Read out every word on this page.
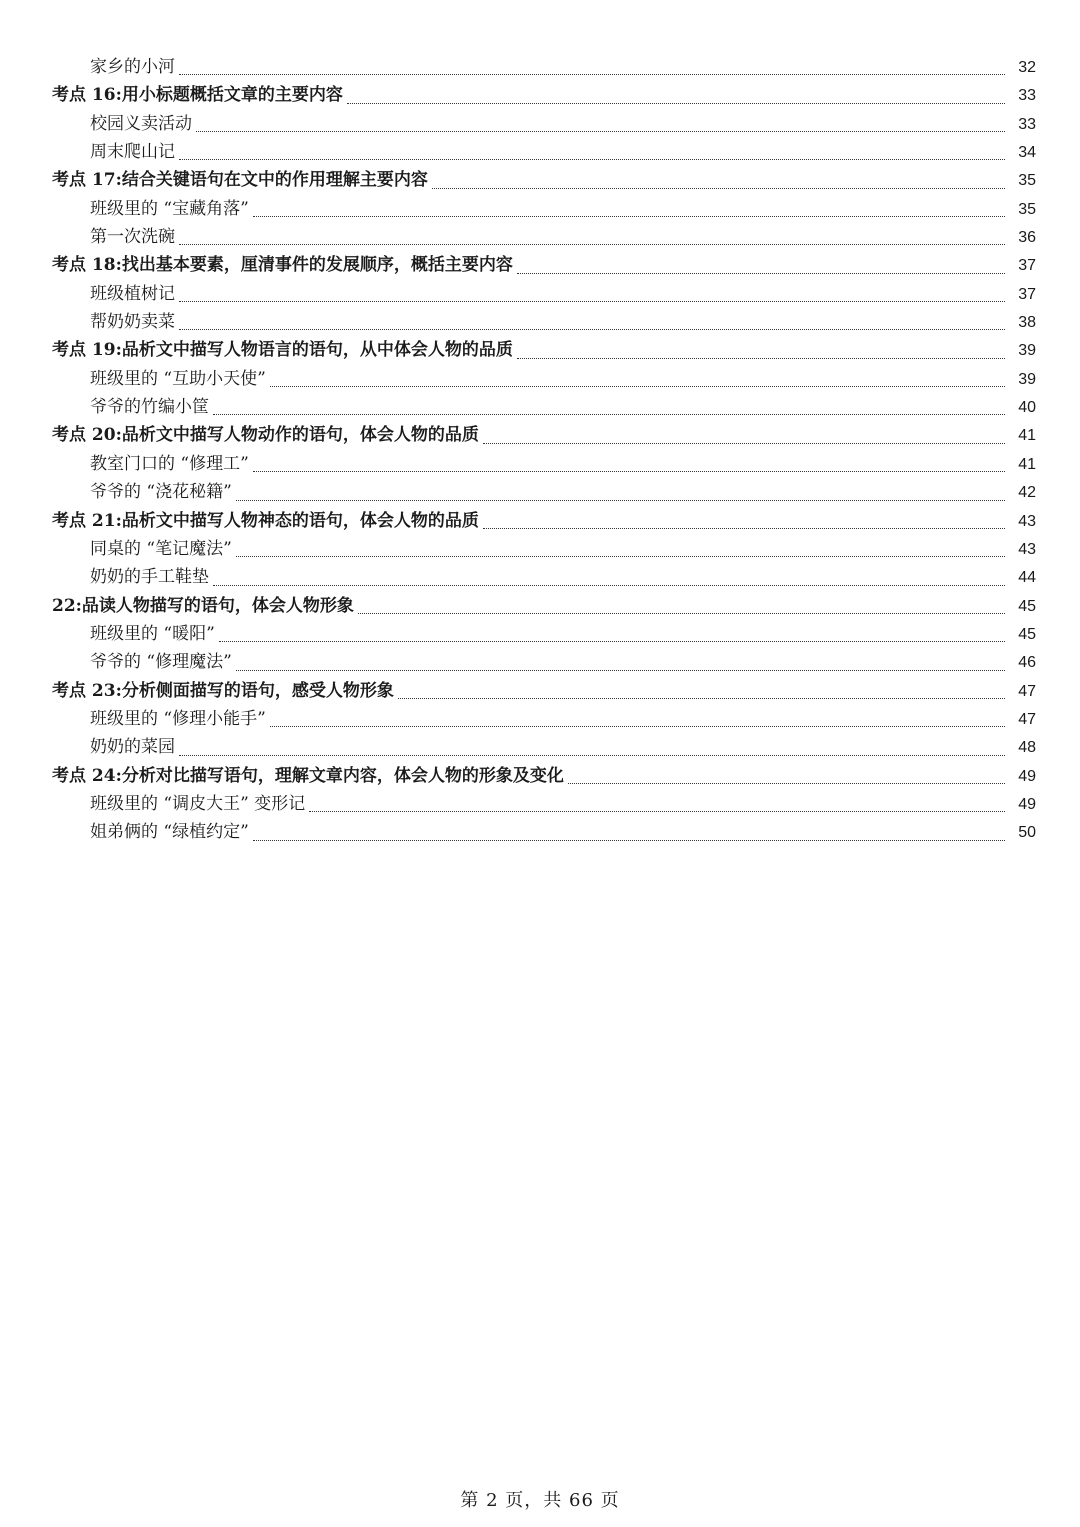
家乡的小河	32
考点 16:用小标题概括文章的主要内容	33
校园义卖活动	33
周末爬山记	34
考点 17:结合关键语句在文中的作用理解主要内容	35
班级里的 “宝藏角落”	35
第一次洗碗	36
考点 18:找出基本要素，厘清事件的发展顺序，概括主要内容	37
班级植树记	37
帮奶奶卖菜	38
考点 19:品析文中描写人物语言的语句，从中体会人物的品质	39
班级里的 “互助小天使”	39
爷爷的竹编小筐	40
考点 20:品析文中描写人物动作的语句，体会人物的品质	41
教室门口的 “修理工”	41
爷爷的 “浇花秘籍”	42
考点 21:品析文中描写人物神态的语句，体会人物的品质	43
同桌的 “笔记魔法”	43
奶奶的手工鞋垫	44
22:品读人物描写的语句，体会人物形象	45
班级里的 “暖阳”	45
爷爷的 “修理魔法”	46
考点 23:分析侧面描写的语句，感受人物形象	47
班级里的 “修理小能手”	47
奶奶的菜园	48
考点 24:分析对比描写语句，理解文章内容，体会人物的形象及变化	49
班级里的 “调皮大王” 变形记	49
姐弟俩的 “绿植约定”	50
第 2 页，共 66 页
